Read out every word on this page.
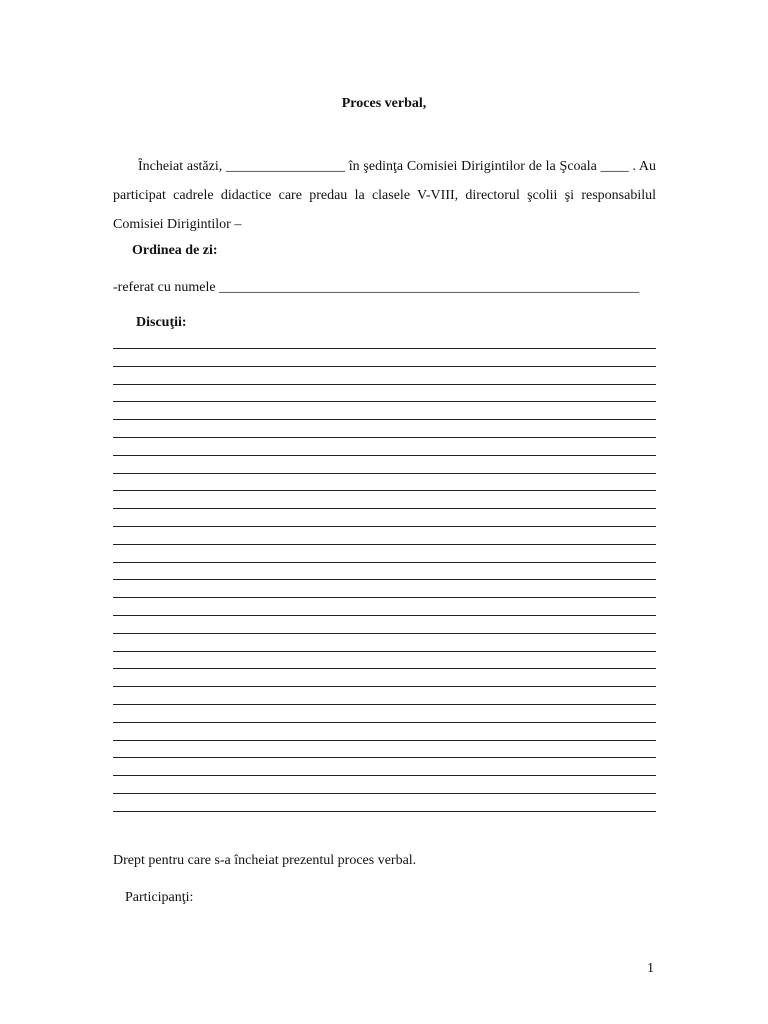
Proces verbal,
Încheiat astăzi, _________________ în şedinţa Comisiei Dirigintilor de la Şcoala ____ . Au participat cadrele didactice care predau la clasele V-VIII, directorul şcolii şi responsabilul Comisiei Dirigintilor –
Ordinea de zi:
-referat cu numele ____________________________________________________________
Discuţii:
Drept pentru care s-a încheiat prezentul proces verbal.
Participanţi:
1
